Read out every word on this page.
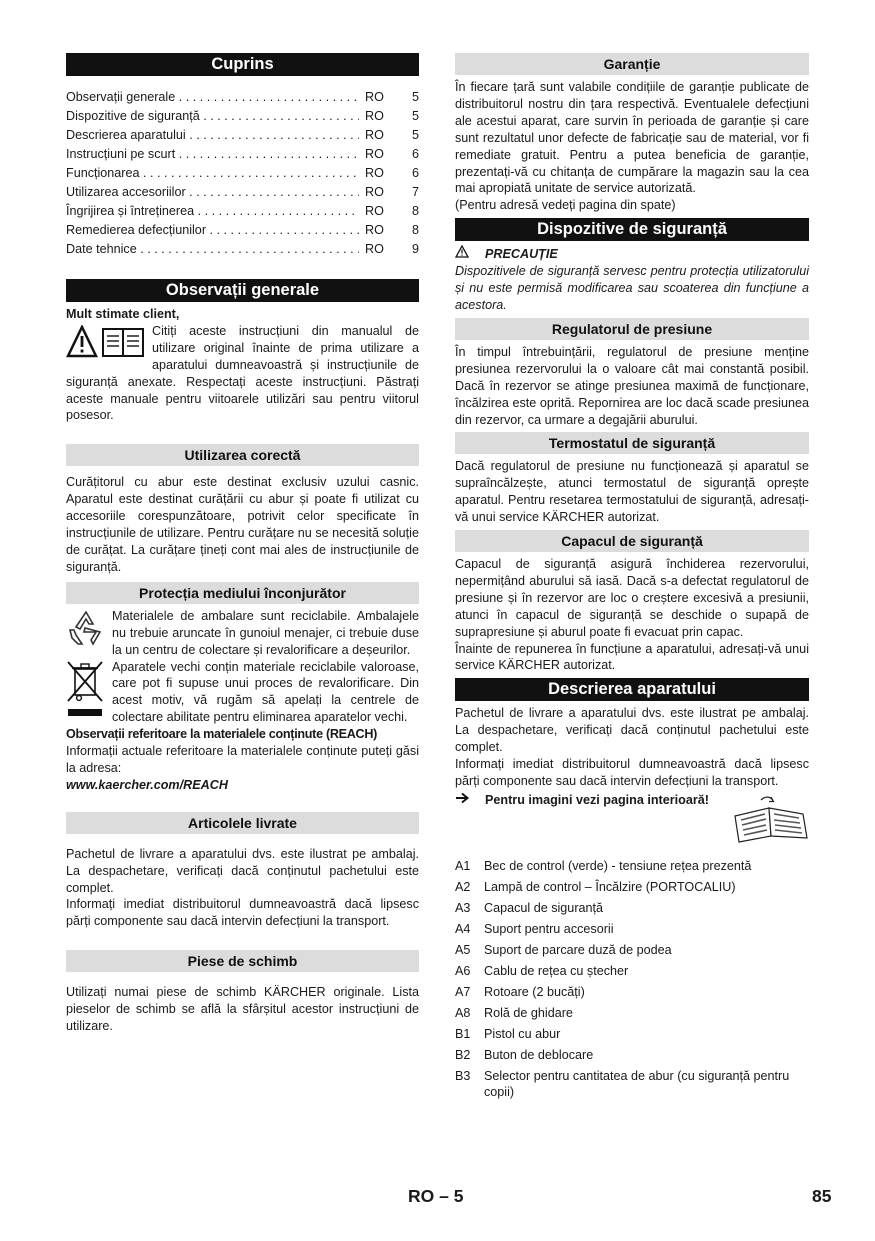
Cuprins
Observații generale . . .	RO	5
Dispozitive de siguranță . . .	RO	5
Descrierea aparatului . . .	RO	5
Instrucțiuni pe scurt . . .	RO	6
Funcționarea . . .	RO	6
Utilizarea accesoriilor . . .	RO	7
Îngrijirea și întreținerea . . .	RO	8
Remedierea defecțiunilor . . .	RO	8
Date tehnice . . .	RO	9
Observații generale
Mult stimate client,

Citiți aceste instrucțiuni din manualul de utilizare original înainte de prima utilizare a aparatului dumneavoastră și instrucțiunile de siguranță anexate. Respectați aceste instrucțiuni. Păstrați aceste manuale pentru viitoarele utilizări sau pentru viitorul posesor.

Utilizarea corectă

Curățitorul cu abur este destinat exclusiv uzului casnic. Aparatul este destinat curățării cu abur și poate fi utilizat cu accesoriile corespunzătoare, potrivit celor specificate în instrucțiunile de utilizare. Pentru curățare nu se necesită soluție de curățat. La curățare țineți cont mai ales de instrucțiunile de siguranță.

Protecția mediului înconjurător
Materialele de ambalare sunt reciclabile. Ambalajele nu trebuie aruncate în gunoiul menajer, ci trebuie duse la un centru de colectare și revalorificare a deșeurilor.
Aparatele vechi conțin materiale reciclabile valoroase, care pot fi supuse unui proces de revalorificare. Din acest motiv, vă rugăm să apelați la centrele de colectare abilitate pentru eliminarea aparatelor vechi.
Observații referitoare la materialele conținute (REACH)

Informații actuale referitoare la materialele conținute puteți găsi la adresa:

www.kaercher.com/REACH
Articolele livrate

Pachetul de livrare a aparatului dvs. este ilustrat pe ambalaj. La despachetare, verificați dacă conținutul pachetului este complet.

Informați imediat distribuitorul dumneavoastră dacă lipsesc părți componente sau dacă intervin defecțiuni la transport.

Piese de schimb

Utilizați numai piese de schimb KÄRCHER originale. Lista pieselor de schimb se află la sfârșitul acestor instrucțiuni de utilizare.

Garanție

În fiecare țară sunt valabile condițiile de garanție publicate de distribuitorul nostru din țara respectivă. Eventualele defecțiuni ale acestui aparat, care survin în perioada de garanție și care sunt rezultatul unor defecte de fabricație sau de material, vor fi remediate gratuit. Pentru a putea beneficia de garanție, prezentați-vă cu chitanța de cumpărare la magazin sau la cea mai apropiată unitate de service autorizată.

(Pentru adresă vedeți pagina din spate)
Dispozitive de siguranță
PRECAUȚIE

Dispozitivele de siguranță servesc pentru protecția utilizatorului și nu este permisă modificarea sau scoaterea din funcțiune a acestora.

Regulatorul de presiune

În timpul întrebuințării, regulatorul de presiune menține presiunea rezervorului la o valoare cât mai constantă posibil. Dacă în rezervor se atinge presiunea maximă de funcționare, încălzirea este oprită. Repornirea are loc dacă scade presiunea din rezervor, ca urmare a degajării aburului.

Termostatul de siguranță

Dacă regulatorul de presiune nu funcționează și aparatul se supraîncălzește, atunci termostatul de siguranță oprește aparatul. Pentru resetarea termostatului de siguranță, adresați-vă unui service KÄRCHER autorizat.

Capacul de siguranță

Capacul de siguranță asigură închiderea rezervorului, nepermițând aburului să iasă. Dacă s-a defectat regulatorul de presiune și în rezervor are loc o creștere excesivă a presiunii, atunci în capacul de siguranță se deschide o supapă de suprapresiune și aburul poate fi evacuat prin capac.

Înainte de repunerea în funcțiune a aparatului, adresați-vă unui service KÄRCHER autorizat.

Descrierea aparatului

Pachetul de livrare a aparatului dvs. este ilustrat pe ambalaj. La despachetare, verificați dacă conținutul pachetului este complet.

Informați imediat distribuitorul dumneavoastră dacă lipsesc părți componente sau dacă intervin defecțiuni la transport.

Pentru imagini vezi pagina interioară!
A1	Bec de control (verde) - tensiune rețea prezentă
A2	Lampă de control – Încălzire (PORTOCALIU)
A3	Capacul de siguranță
A4	Suport pentru accesorii
A5	Suport de parcare duză de podea
A6	Cablu de rețea cu ștecher
A7	Rotoare (2 bucăți)
A8	Rolă de ghidare
B1	Pistol cu abur
B2	Buton de deblocare
B3	Selector pentru cantitatea de abur (cu siguranță pentru copii)
RO – 5	85
